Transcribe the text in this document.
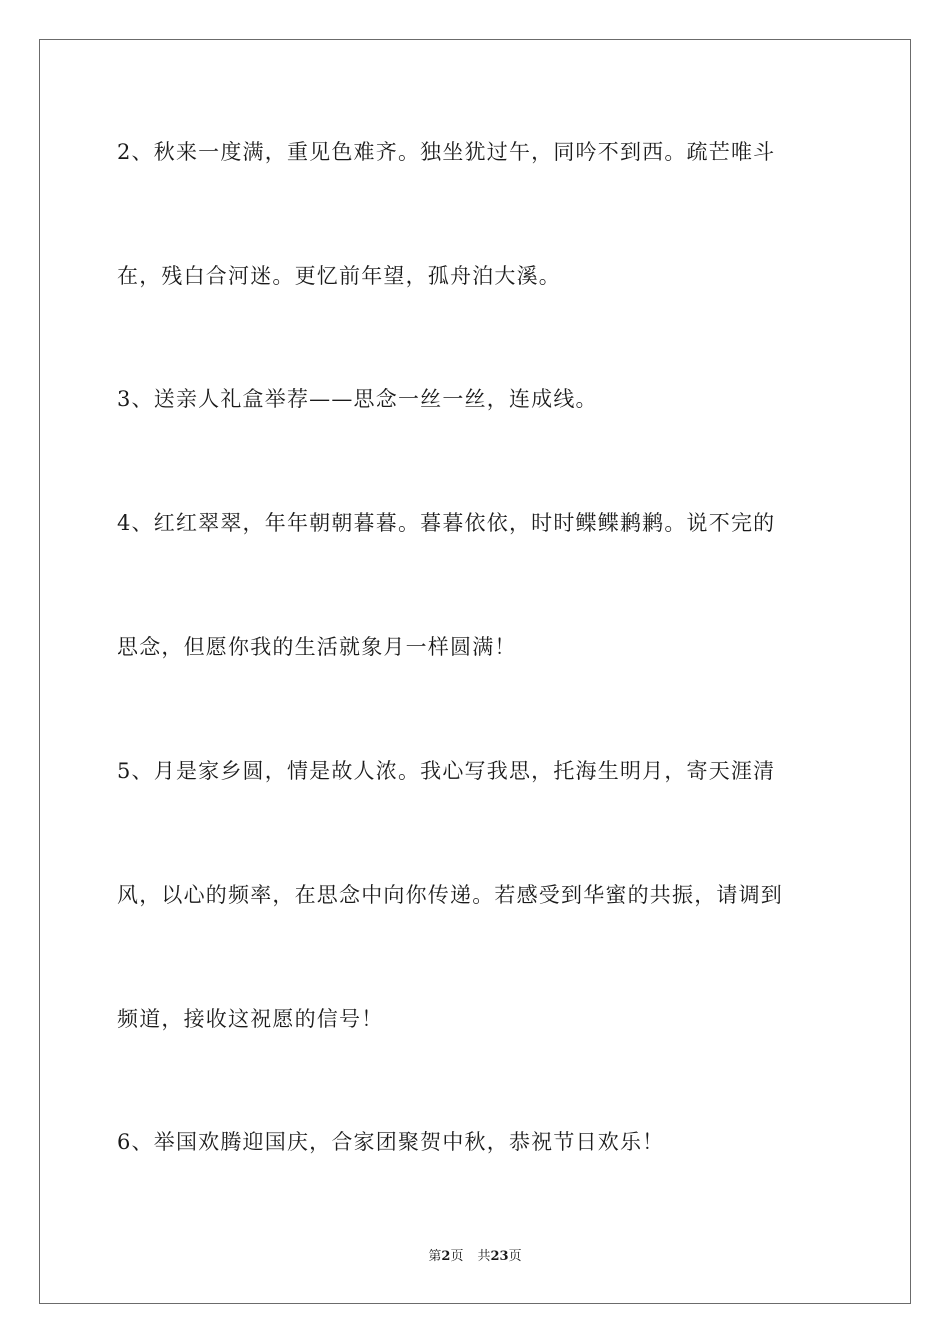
2、秋来一度满，重见色难齐。独坐犹过午，同吟不到西。疏芒唯斗
在，残白合河迷。更忆前年望，孤舟泊大溪。
3、送亲人礼盒举荐——思念一丝一丝，连成线。
4、红红翠翠，年年朝朝暮暮。暮暮依依，时时鲽鲽鹣鹣。说不完的
思念，但愿你我的生活就象月一样圆满！
5、月是家乡圆，情是故人浓。我心写我思，托海生明月，寄天涯清
风，以心的频率，在思念中向你传递。若感受到华蜜的共振，请调到
频道，接收这祝愿的信号！
6、举国欢腾迎国庆，合家团聚贺中秋，恭祝节日欢乐！
第2页 共23页
